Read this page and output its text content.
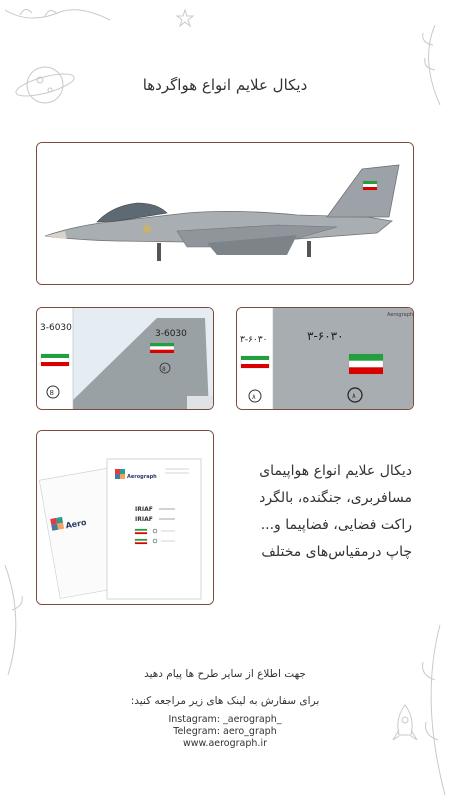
دیکال علایم انواع هواگردها
3-6030
3-6030
8
8
Aerograph
۳-۶۰۳۰
۳-۶۰۳۰
۸	۸
Aero
Aerograph
IRIAF
IRIAF
دیکال علایم انواع هواپیمای
مسافربری، جنگنده، بالگرد
راکت فضایی، فضاپیما و...
چاپ درمقیاس‌های مختلف
جهت اطلاع از سایر طرح ها پیام دهید
برای سفارش به لینک های زیر مراجعه کنید:
Instagram: _aerograph_
Telegram: aero_graph
www.aerograph.ir
